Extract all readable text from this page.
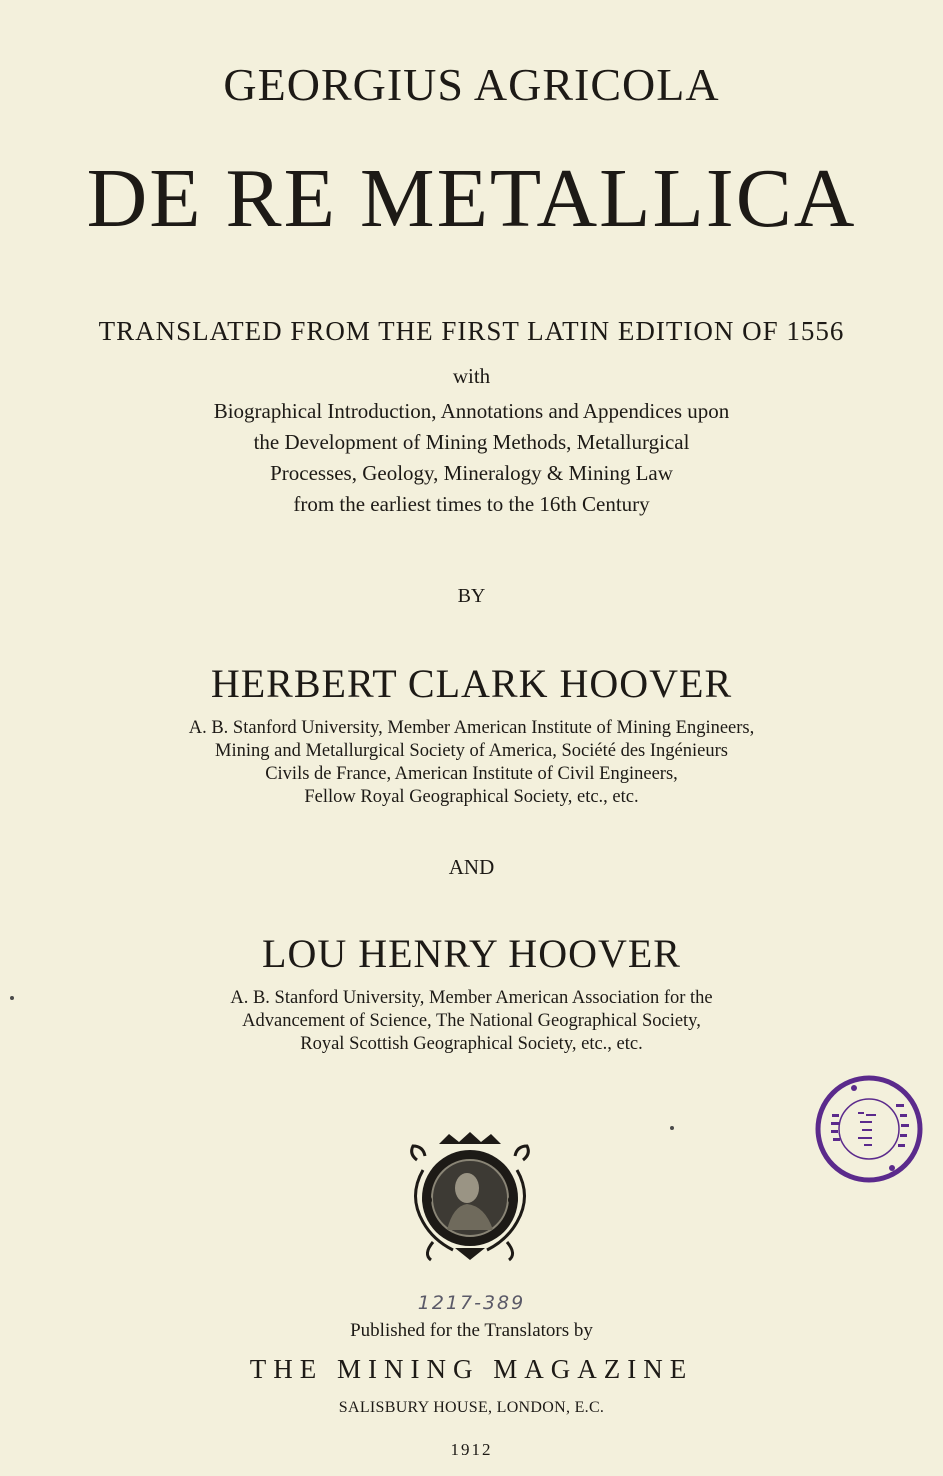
GEORGIUS AGRICOLA
DE RE METALLICA
TRANSLATED FROM THE FIRST LATIN EDITION OF 1556
with
Biographical Introduction, Annotations and Appendices upon
the Development of Mining Methods, Metallurgical
Processes, Geology, Mineralogy & Mining Law
from the earliest times to the 16th Century
BY
HERBERT CLARK HOOVER
A. B. Stanford University, Member American Institute of Mining Engineers,
Mining and Metallurgical Society of America, Société des Ingénieurs
Civils de France, American Institute of Civil Engineers,
Fellow Royal Geographical Society, etc., etc.
AND
LOU HENRY HOOVER
A. B. Stanford University, Member American Association for the
Advancement of Science, The National Geographical Society,
Royal Scottish Geographical Society, etc., etc.
1217-389
Published for the Translators by
THE MINING MAGAZINE
SALISBURY HOUSE, LONDON, E.C.
1912
